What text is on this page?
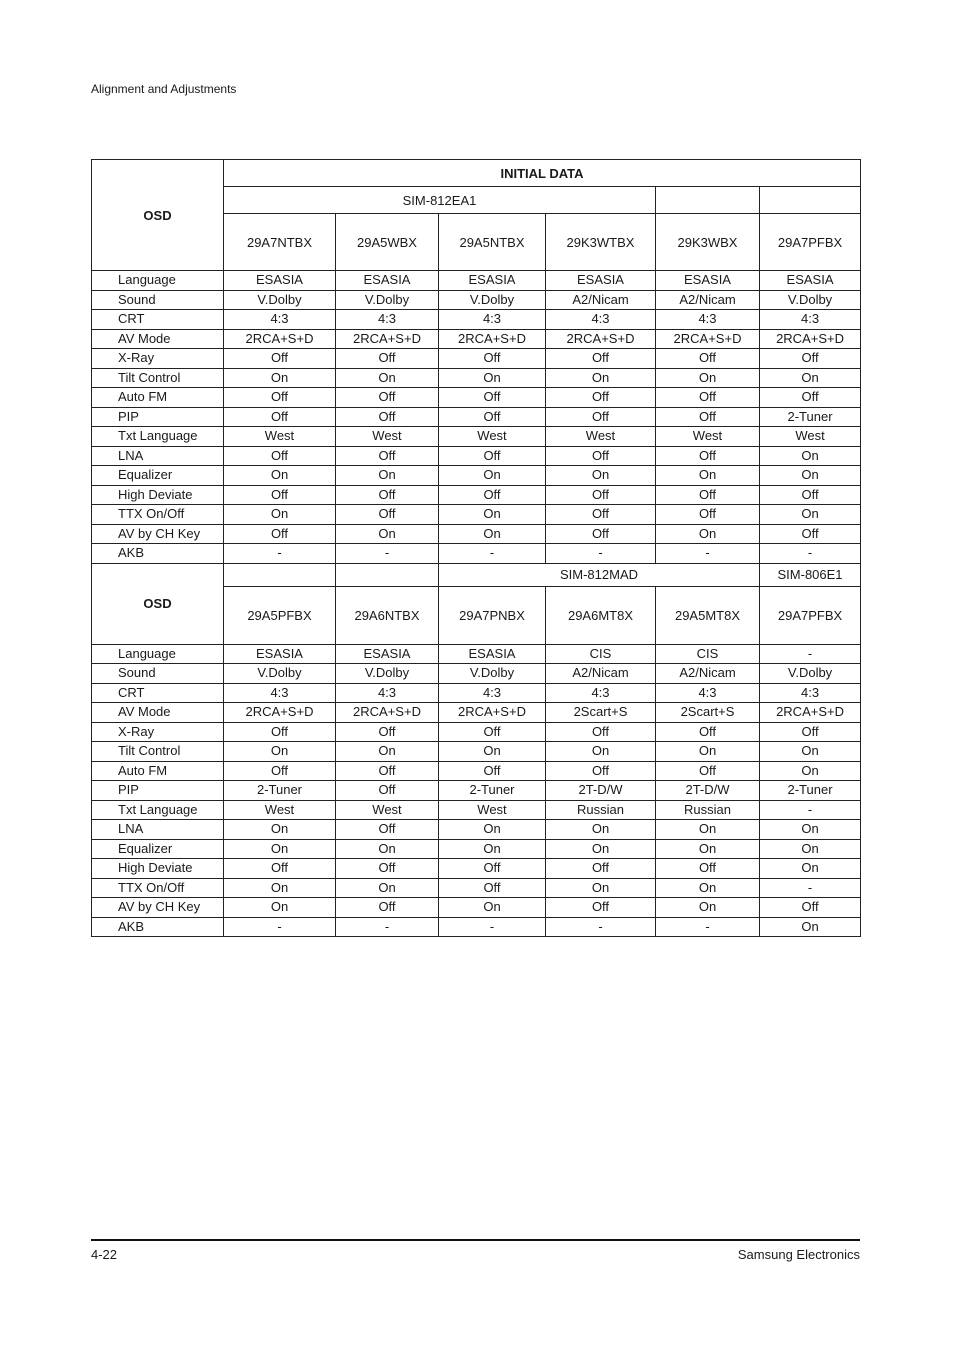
Alignment and Adjustments
OSD	INITIAL DATA					
	SIM-812EA1					
	29A7NTBX	29A5WBX	29A5NTBX	29K3WTBX	29K3WBX	29A7PFBX
Language	ESASIA	ESASIA	ESASIA	ESASIA	ESASIA	ESASIA
Sound	V.Dolby	V.Dolby	V.Dolby	A2/Nicam	A2/Nicam	V.Dolby
CRT	4:3	4:3	4:3	4:3	4:3	4:3
AV Mode	2RCA+S+D	2RCA+S+D	2RCA+S+D	2RCA+S+D	2RCA+S+D	2RCA+S+D
X-Ray	Off	Off	Off	Off	Off	Off
Tilt Control	On	On	On	On	On	On
Auto FM	Off	Off	Off	Off	Off	Off
PIP	Off	Off	Off	Off	Off	2-Tuner
Txt Language	West	West	West	West	West	West
LNA	Off	Off	Off	Off	Off	On
Equalizer	On	On	On	On	On	On
High Deviate	Off	Off	Off	Off	Off	Off
TTX On/Off	On	Off	On	Off	Off	On
AV by CH Key	Off	On	On	Off	On	Off
AKB	-	-	-	-	-	-
OSD			SIM-812MAD			SIM-806E1
	29A5PFBX	29A6NTBX	29A7PNBX	29A6MT8X	29A5MT8X	29A7PFBX
Language	ESASIA	ESASIA	ESASIA	CIS	CIS	-
Sound	V.Dolby	V.Dolby	V.Dolby	A2/Nicam	A2/Nicam	V.Dolby
CRT	4:3	4:3	4:3	4:3	4:3	4:3
AV Mode	2RCA+S+D	2RCA+S+D	2RCA+S+D	2Scart+S	2Scart+S	2RCA+S+D
X-Ray	Off	Off	Off	Off	Off	Off
Tilt Control	On	On	On	On	On	On
Auto FM	Off	Off	Off	Off	Off	On
PIP	2-Tuner	Off	2-Tuner	2T-D/W	2T-D/W	2-Tuner
Txt Language	West	West	West	Russian	Russian	-
LNA	On	Off	On	On	On	On
Equalizer	On	On	On	On	On	On
High Deviate	Off	Off	Off	Off	Off	On
TTX On/Off	On	On	Off	On	On	-
AV by CH Key	On	Off	On	Off	On	Off
AKB	-	-	-	-	-	On
4-22	Samsung Electronics
